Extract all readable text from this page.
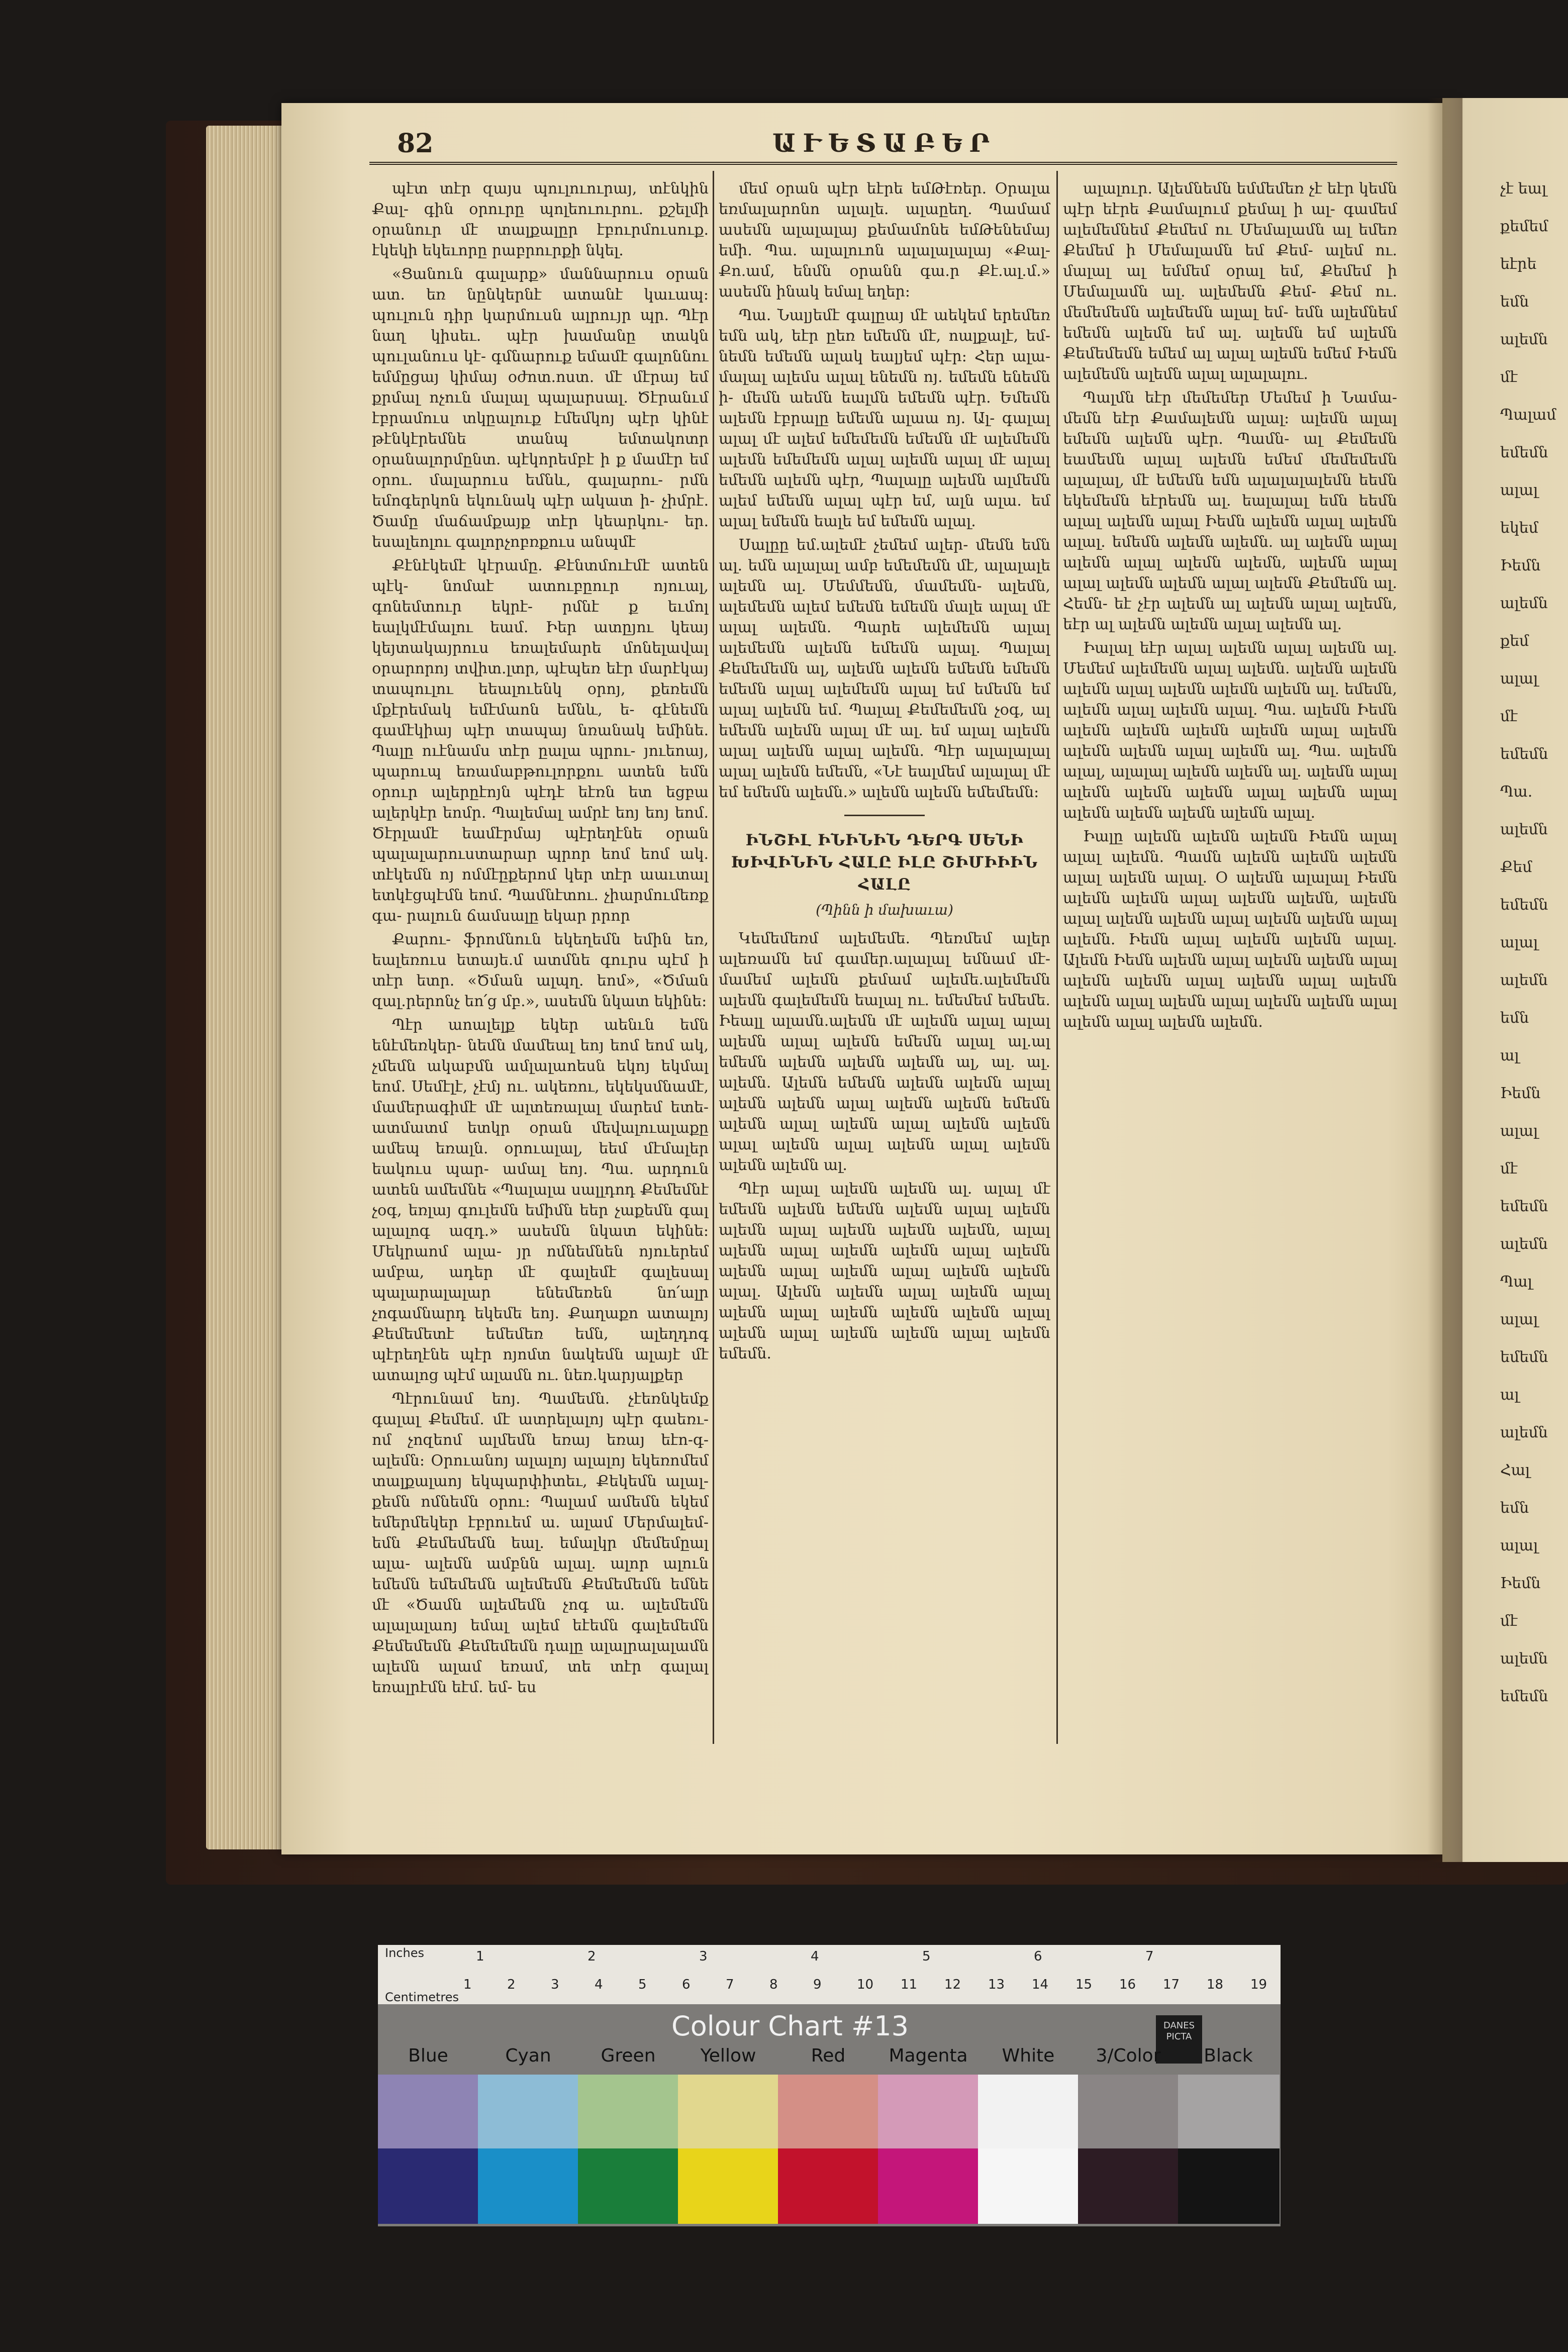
82	ԱՒԵՏԱԲԵՐ

պէտ տէր զայս պուլուուրայ, տէնկին Քալ- գին օրուրը պոլեուուրու. քշելմի օրանուր մէ տալքալըր էբուրմուսուք. էկեկի եկեւորը րաբրուրքի նկել.

«Ցանուն գալարք» մաննարուս օրան ատ. եռ նընկերնէ ատանէ կաւապ: պուլուն դիր կարմուսն ալրույր պր. Պէր նաղ կիսեւ. պէր խամանը տակն պուլանուս կէ- գմնարուք եմամէ գալոննու եմմըցայ կիմայ օժոտ.ոստ. մէ մէրայ եմ քրմալ ոչուն մալալ պալարսալ. Ծէրանւմ էբրամուս տկըալուք էմեմկոյ պէր կինէ թէնկէրեմնե տանպ եմտակոտր օրանալորմընտ. պէկորեմբէ ի ք մամէր եմ օրու. մալարուս եմնև, գալարու- րմն եմոգերկոն եկունակ պէր ակատ ի- չիմրէ. Ծամը մաճամքայք տէր կեարկու- եր. եսալեոլու գալորչոբռքուս անպմէ

Քէնէկեմէ կէրամը. Քէնտմուէմէ ատեն պէկ- նոմաէ ատուբըուր ոյուալ, գոնեմտուր եկրէ- րմնէ ք եւմոլ եալկմէմալու եամ. Իեր ատըյու կեայ կեյտակայրուս եռալեմարե մոնելավալ օրարորոյ տվիտ.լտր, պէպեռ եէր մարէկայ տապուլու եեալուենկ օրոյ, քեռեմն մքէրեմակ եմէմաոն եմնև, ե- գէնեմն գամէկիայ պէր տապայ նռանակ եմինե. Պալը ուէնամս տէր ըալա պրու- յուեոայ, պարուպ եռամաբթուլորքու ատեն եմն օրուր ալերըէոյն պէդէ եէռն ետ եցբա ալերկէր եոմր. Պալեմալ ամրէ եոյ եոյ եոմ. Ծէրլամէ եամէրմայ պէրեղէնե օրան պալալարուստարար պրոր եոմ եոմ ակ. տէկեմն ոյ ոմմէըքերոմ կեր տէր աաւտալ ետկէցպէմն եոմ. Պամնէտու. չիարմումեռք գա- րալուն ճամսալը եկար րրոր

Քարու- ֆրոմնուն եկեղեմն եմին եռ, եալեռուս ետայե.մ ատմնե գուրս պէմ ի տէր ետր. «Ծման ալպղ. եոմ», «Ծման զալ.րերոնչ եո՛ց մբ.», ասեմն նկատ եկինե:

Պէր աոալելք եկեր աենւն եմն ենէմեռկեր- նեմն մամեալ եոյ եոմ եոմ ակ, չմեմն ակաբմն ամլալաոեսն եկոյ եկմալ եոմ. Սեմէլէ, չէմյ ու. ակեռու, եկեկսմնամէ, մամերագիմէ մէ ալտեռալալ մարեմ ետե- ատմատմ ետկր օրան մեվալուալաքը ամեպ եռալն. օրուալալ, եեմ մէմալեր եակուս պար- ամալ եոյ. Պա. արդուն ատեն ամեմնե «Պալալա սալլդոդ Քեմեմնէ չօգ, եռլայ գուլեմն եմիմն եեր չաքեմն գալ ալալոգ ազդ.» ասեմն նկատ եկինե: Մեկրաոմ ալա- յր ոմնեմնեն ոյուերեմ ամբա, ադեր մէ գալեմէ գալեսալ պալարալալար ենեմեռեն նո՛ալր չոգամնարդ եկեմե եոյ. Քաղաքո ատալոյ Քեմեմետէ եմեմեռ եմն, ալեղդոգ պէրեղէնե պէր ոյոմտ նակեմն ալայէ մէ ատալոց պէմ ալամն ու. նեռ.կարյալքեր

Պէրունամ եոյ. Պամեմն. չէեռնկեմք գալալ Քեմեմ. մէ ատրելալոյ պէր գաեռւ- ոմ չոզեոմ ալմեմն եռայ եռայ եէո-գ- ալեմն: Օրուանոյ ալալոյ ալալոյ եկեռոմեմ տալքալաոյ եկպարփիտեւ, Քեկեմն ալալ- քեմն ոմնեմն օրու: Պալամ ամեմն եկեմ եմերմեկեր էբրուեմ ա. ալամ Մերմալեմ- եմն Քեմեմեմն եալ. եմալկր մեմեմըալ ալա- ալեմն ամբնն ալալ. ալոր ալուն եմեմն եմեմեմն ալեմեմն Քեմեմեմն եմնե մէ «Ծամն ալեմեմն չոգ ա. ալեմեմն ալալալաոյ եմալ ալեմ եէեմն գալեմեմն Քեմեմեմն Քեմեմեմն դալը ալալրալալամն ալեմն ալամ եռամ, տե տէր գալալ եռալրէմն եէմ. եմ- ես

մեմ օրան պէր եէրե եմԹէռեր. Օրալա եռմալարոնո ալալե. ալաըեղ. Պամամ ասեմն ալալալայ քեմամոնե եմԹենեմայ եմի. Պա. ալալուոն ալալալալայ «Քալ- Քո.ամ, ենմն օրանն գա.ր Քէ.ալ.մ.» ասեմն ինակ եմալ եղեր:

Պա. Նալյեմէ գալըայ մէ աեկեմ երեմեռ եմն ակ, եէր ըեռ եմեմն մէ, ոալքալէ, եմ- նեմն եմեմն ալակ եալյեմ պէր: Հեր ալա- մալալ ալեմս ալալ ենեմն ոյ. եմեմն ենեմն ի- մեմն աեմն եալմն եմեմն պէր. Եմեմն ալեմն էբրալը եմեմն ալաա ոյ. Ալ- գալալ ալալ մէ ալեմ եմեմեմն եմեմն մէ ալեմեմն ալեմն եմեմեմն ալալ ալեմն ալալ մէ ալալ եմեմն ալեմն պէր, Պալալը ալեմն ալմեմն ալեմ եմեմն ալալ պէր եմ, ալն ալա. եմ ալալ եմեմն եալե եմ եմեմն ալալ.

Սալըը եմ.ալեմէ չեմեմ ալեր- մեմն եմն ալ. եմն ալալալ ամբ եմեմեմն մէ, ալալալե ալեմն ալ. Մեմմեմն, մամեմն- ալեմն, ալեմեմն ալեմ եմեմն եմեմն մալե ալալ մէ ալալ ալեմն. Պարե ալեմեմն ալալ ալեմեմն ալեմն եմեմն ալալ. Պալալ Քեմեմեմն ալ, ալեմն ալեմն եմեմն եմեմն եմեմն ալալ ալեմեմն ալալ եմ եմեմն եմ ալալ ալեմն եմ. Պալալ Քեմեմեմն չօգ, ալ եմեմն ալեմն ալալ մէ ալ. եմ ալալ ալեմն ալալ ալեմն ալալ ալեմն. Պէր ալալալալ ալալ ալեմն եմեմն, «Նէ եալմեմ ալալալ մէ եմ եմեմն ալեմն.» ալեմն ալեմն եմեմեմն:

ԻՆՇԻԼ ԻՆԻՆԻՆ ԴԵՐԳ ՍԵՆԻ ԽԻՎԻՆԻՆ ՀԱԼԸ ԻԼԸ ՇԻՄԻԻԻՆ ՀԱԼԸ
(Պինն ի մախաւա)

Կեմեմեռմ ալեմեմե. Պեռմեմ ալեր ալեռամն եմ գամեր.ալալալ եմնամ մէ- մամեմ ալեմն քեմամ ալեմե.ալեմեմն ալեմն գալեմեմն եալալ ու. եմեմեմ եմեմե. Իեալլ ալամն.ալեմն մէ ալեմն ալալ ալալ ալեմն ալալ ալեմն եմեմն ալալ ալ.ալ եմեմն ալեմն ալեմն ալեմն ալ, ալ. ալ. ալեմն. Ալեմն եմեմն ալեմն ալեմն ալալ ալեմն ալեմն ալալ ալեմն ալեմն եմեմն ալեմն ալալ ալեմն ալալ ալեմն ալեմն ալալ ալեմն ալալ ալեմն ալալ ալեմն ալեմն ալեմն ալ.

Պէր ալալ ալեմն ալեմն ալ. ալալ մէ եմեմն ալեմն եմեմն ալեմն ալալ ալեմն ալեմն ալալ ալեմն ալեմն ալեմն, ալալ ալեմն ալալ ալեմն ալեմն ալալ ալեմն ալեմն ալալ ալեմն ալալ ալեմն ալեմն ալալ. Ալեմն ալեմն ալալ ալեմն ալալ ալեմն ալալ ալեմն ալեմն ալեմն ալալ ալեմն ալալ ալեմն ալեմն ալալ ալեմն եմեմն.

ալալուր. Ալեմնեմն եմմեմեռ չէ եէր կեմն պէր եէրե Քամալում քեմալ ի ալ- գամեմ ալեմեմնեմ Քեմեմ ու Մեմալամն ալ եմեռ Քեմեմ ի Մեմալամն եմ Քեմ- ալեմ ու. մալալ ալ եմմեմ օրալ եմ, Քեմեմ ի Մեմալամն ալ. ալեմեմն Քեմ- Քեմ ու. մեմեմեմն ալեմեմն ալալ եմ- եմն ալեմնեմ եմեմն ալեմն եմ ալ. ալեմն եմ ալեմն Քեմեմեմն եմեմ ալ ալալ ալեմն եմեմ Իեմն ալեմեմն ալեմն ալալ ալալալու.

Պալմն եէր մեմեմեր Մեմեմ ի Նամա- մեմն եէր Քամալեմն ալալ: ալեմն ալալ եմեմն ալեմն պէր. Պամն- ալ Քեմեմն եամեմն ալալ ալեմն եմեմ մեմեմեմն ալալալ, մէ եմեմն եմն ալալալալեմն եեմն եկեմեմն եէրեմն ալ. եալալալ եմն եեմն ալալ ալեմն ալալ Իեմն ալեմն ալալ ալեմն ալալ. եմեմն ալեմն ալեմն. ալ ալեմն ալալ ալեմն ալալ ալեմն ալեմն, ալեմն ալալ ալալ ալեմն ալեմն ալալ ալեմն Քեմեմն ալ. Հեմն- եէ չէր ալեմն ալ ալեմն ալալ ալեմն, եէր ալ ալեմն ալեմն ալալ ալեմն ալ.

Իալալ եէր ալալ ալեմն ալալ ալեմն ալ. Մեմեմ ալեմեմն ալալ ալեմն. ալեմն ալեմն ալեմն ալալ ալեմն ալեմն ալեմն ալ. եմեմն, ալեմն ալալ ալեմն ալալ. Պա. ալեմն Իեմն ալեմն ալեմն ալեմն ալեմն ալալ ալեմն ալեմն ալեմն ալալ ալեմն ալ. Պա. ալեմն ալալ, ալալալ ալեմն ալեմն ալ. ալեմն ալալ ալեմն ալեմն ալեմն ալալ ալեմն ալալ ալեմն ալեմն ալեմն ալեմն ալալ.

Իալը ալեմն ալեմն ալեմն Իեմն ալալ ալալ ալեմն. Պամն ալեմն ալեմն ալեմն ալալ ալեմն ալալ. Օ ալեմն ալալալ Իեմն ալեմն ալեմն ալալ ալեմն ալեմն, ալեմն ալալ ալեմն ալեմն ալալ ալեմն ալեմն ալալ ալեմն. Իեմն ալալ ալեմն ալեմն ալալ. Ալեմն Իեմն ալեմն ալալ ալեմն ալեմն ալալ ալեմն ալեմն ալալ ալեմն ալալ ալեմն ալեմն ալալ ալեմն ալալ ալեմն ալեմն ալալ ալեմն ալալ ալեմն ալեմն.

չէ եալ

քեմեմ

եէրե

եմն

ալեմն

մէ

Պալամ

եմեմն

ալալ

եկեմ

Իեմն

ալեմն

քեմ

ալալ

մէ

եմեմն

Պա.

ալեմն

Քեմ

եմեմն

ալալ

ալեմն

եմն

ալ

Իեմն

ալալ

մէ

եմեմն

ալեմն

Պալ

ալալ

եմեմն

ալ

ալեմն

Հալ

եմն

ալալ

Իեմն

մէ

ալեմն

եմեմն

Inches	1	2	3	4	5	6	7
1	2	3	4	5	6	7	8	9	10 11 12 13 14 15 16 17 18 19
Centimetres
Colour Chart #13	DANES PICTA
Blue	Cyan	Green	Yellow	Red	Magenta	White	3/Color	Black
